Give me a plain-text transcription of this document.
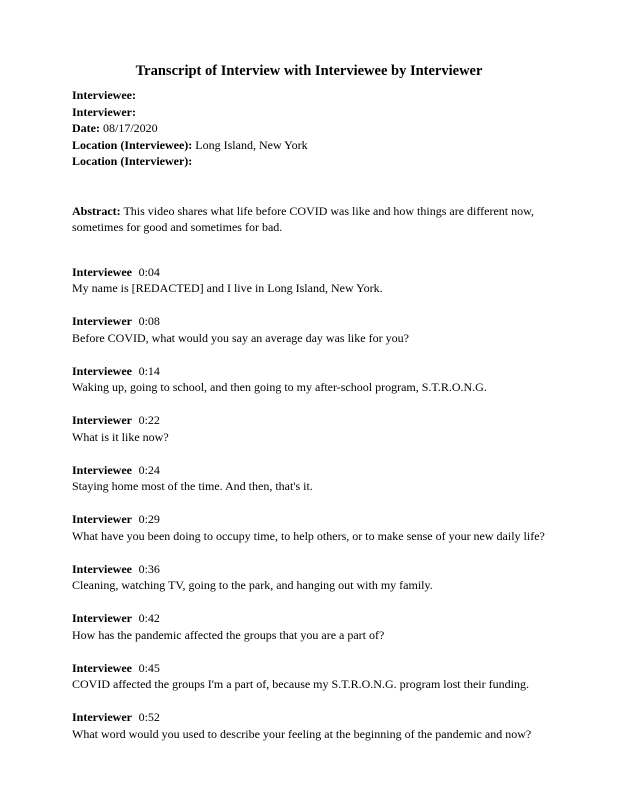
Transcript of Interview with Interviewee by Interviewer

Interviewee:

Interviewer:

Date: 08/17/2020

Location (Interviewee): Long Island, New York

Location (Interviewer):

Abstract: This video shares what life before COVID was like and how things are different now, sometimes for good and sometimes for bad.

Interviewee 0:04

My name is [REDACTED] and I live in Long Island, New York.

Interviewer 0:08

Before COVID, what would you say an average day was like for you?

Interviewee 0:14

Waking up, going to school, and then going to my after-school program, S.T.R.O.N.G.

Interviewer 0:22

What is it like now?

Interviewee 0:24

Staying home most of the time. And then, that's it.

Interviewer 0:29

What have you been doing to occupy time, to help others, or to make sense of your new daily life?

Interviewee 0:36

Cleaning, watching TV, going to the park, and hanging out with my family.

Interviewer 0:42

How has the pandemic affected the groups that you are a part of?

Interviewee 0:45

COVID affected the groups I'm a part of, because my S.T.R.O.N.G. program lost their funding.

Interviewer 0:52

What word would you used to describe your feeling at the beginning of the pandemic and now?
